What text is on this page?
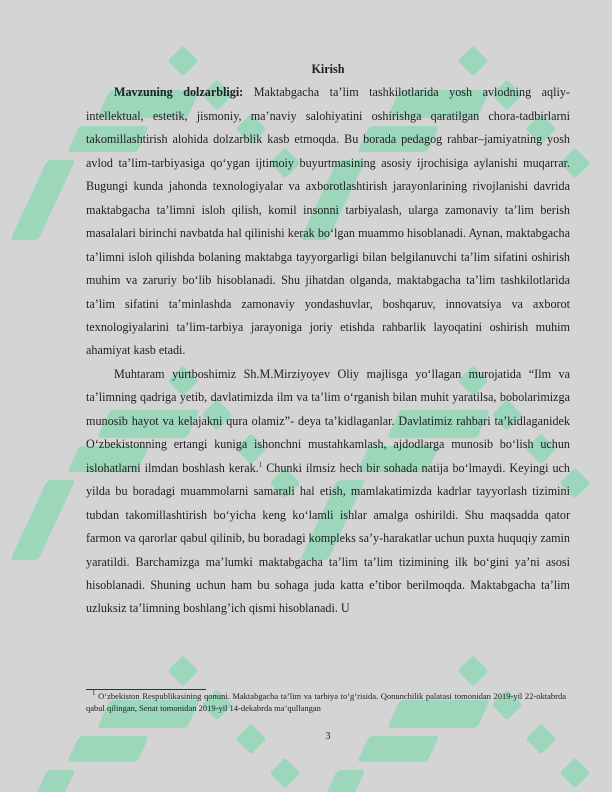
Kirish

Mavzuning dolzarbligi: Maktabgacha ta’lim tashkilotlarida yosh avlodning aqliy-intellektual, estetik, jismoniy, ma’naviy salohiyatini oshirishga qaratilgan chora-tadbirlarni takomillashtirish alohida dolzarblik kasb etmoqda. Bu borada pedagog rahbar–jamiyatning yosh avlod ta’lim-tarbiyasiga qo‘ygan ijtimoiy buyurtmasining asosiy ijrochisiga aylanishi muqarrar. Bugungi kunda jahonda texnologiyalar va axborotlashtirish jarayonlarining rivojlanishi davrida maktabgacha ta’limni isloh qilish, komil insonni tarbiyalash, ularga zamonaviy ta’lim berish masalalari birinchi navbatda hal qilinishi kerak bo‘lgan muammo hisoblanadi. Aynan, maktabgacha ta’limni isloh qilishda bolaning maktabga tayyorgarligi bilan belgilanuvchi ta’lim sifatini oshirish muhim va zaruriy bo‘lib hisoblanadi. Shu jihatdan olganda, maktabgacha ta’lim tashkilotlarida ta’lim sifatini ta’minlashda zamonaviy yondashuvlar, boshqaruv, innovatsiya va axborot texnologiyalarini ta’lim-tarbiya jarayoniga joriy etishda rahbarlik layoqatini oshirish muhim ahamiyat kasb etadi.

Muhtaram yurtboshimiz Sh.M.Mirziyoyev Oliy majlisga yo‘llagan murojatida “Ilm va ta’limning qadriga yetib, davlatimizda ilm va ta’lim o‘rganish bilan muhit yaratilsa, bobolarimizga munosib hayot va kelajakni qura olamiz”- deya ta’kidlaganlar. Davlatimiz rahbari ta’kidlaganidek O‘zbekistonning ertangi kuniga ishonchni mustahkamlash, ajdodlarga munosib bo‘lish uchun islohatlarni ilmdan boshlash kerak.$^1$ Chunki ilmsiz hech bir sohada natija bo‘lmaydi. Keyingi uch yilda bu boradagi muammolarni samarali hal etish, mamlakatimizda kadrlar tayyorlash tizimini tubdan takomillashtirish bo‘yicha keng ko‘lamli ishlar amalga oshirildi. Shu maqsadda qator farmon va qarorlar qabul qilinib, bu boradagi kompleks sa’y-harakatlar uchun puxta huquqiy zamin yaratildi. Barchamizga ma’lumki maktabgacha ta’lim ta’lim tizimining ilk bo‘gini ya’ni asosi hisoblanadi. Shuning uchun ham bu sohaga juda katta e’tibor berilmoqda. Maktabgacha ta’lim uzluksiz ta’limning boshlang’ich qismi hisoblanadi. U

$^1$ O‘zbekiston Respublikasining qonuni. Maktabgacha ta’lim va tarbiya to‘g‘risida. Qonunchilik palatasi tomonidan 2019-yil 22-oktabrda qabul qilingan, Senat tomonidan 2019-yil 14-dekabrda ma’qullangan
3
